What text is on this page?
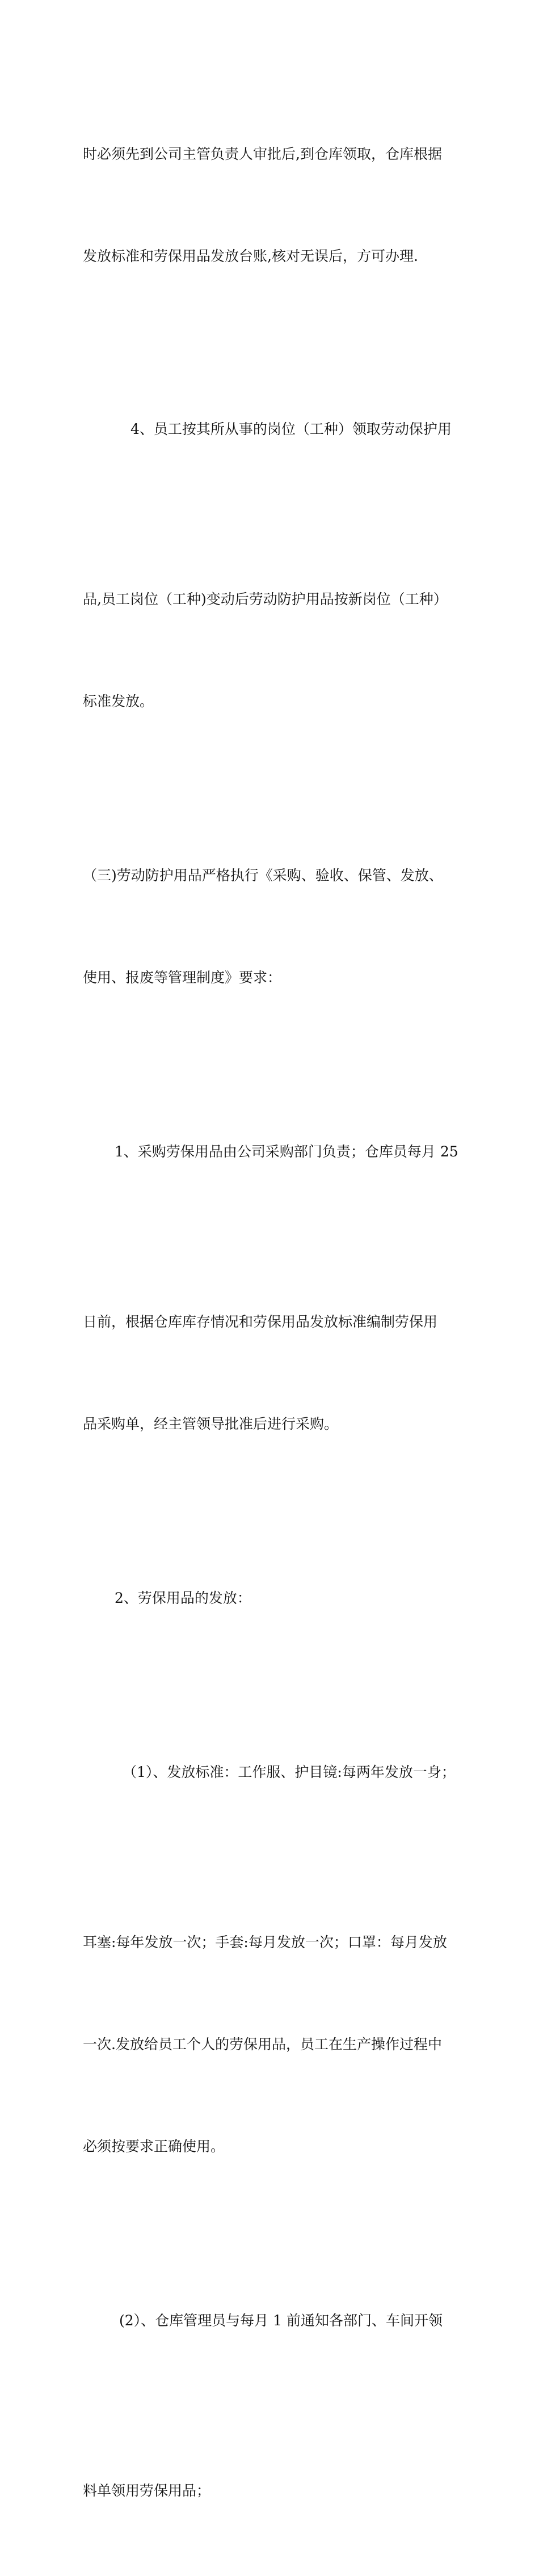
时必须先到公司主管负责人审批后,到仓库领取，仓库根据

发放标准和劳保用品发放台账,核对无误后，方可办理.

4、员工按其所从事的岗位（工种）领取劳动保护用

品,员工岗位（工种)变动后劳动防护用品按新岗位（工种）

标准发放。

（三)劳动防护用品严格执行《采购、验收、保管、发放、

使用、报废等管理制度》要求：

1、采购劳保用品由公司采购部门负责；仓库员每月 25

日前，根据仓库库存情况和劳保用品发放标准编制劳保用

品采购单，经主管领导批准后进行采购。

2、劳保用品的发放：

（1）、发放标准：工作服、护目镜:每两年发放一身；

耳塞:每年发放一次；手套:每月发放一次；口罩：每月发放

一次.发放给员工个人的劳保用品，员工在生产操作过程中

必须按要求正确使用。

(2）、仓库管理员与每月 1 前通知各部门、车间开领

料单领用劳保用品；
